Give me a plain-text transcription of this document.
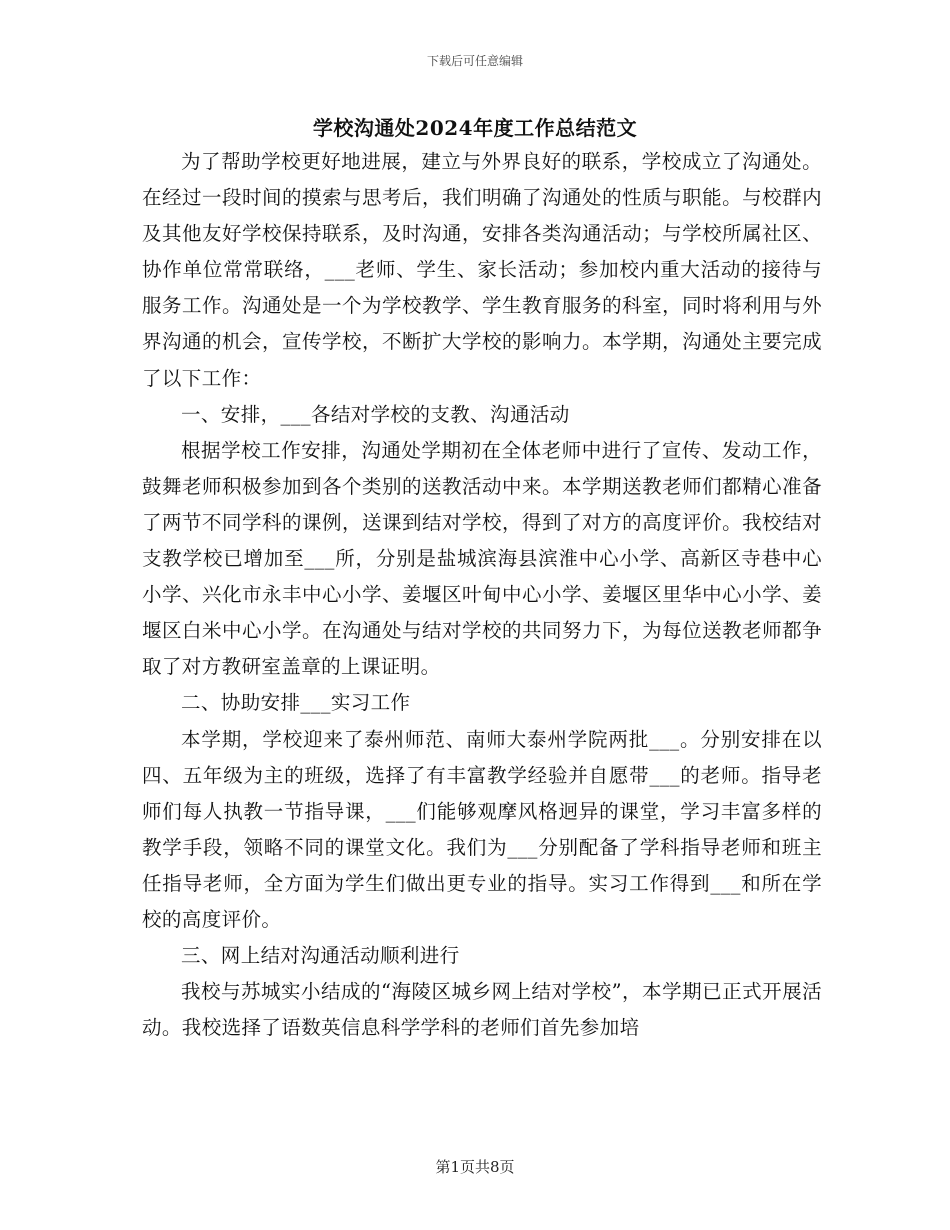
下载后可任意编辑
学校沟通处2024年度工作总结范文

为了帮助学校更好地进展，建立与外界良好的联系，学校成立了沟通处。在经过一段时间的摸索与思考后，我们明确了沟通处的性质与职能。与校群内及其他友好学校保持联系，及时沟通，安排各类沟通活动；与学校所属社区、协作单位常常联络，___老师、学生、家长活动；参加校内重大活动的接待与服务工作。沟通处是一个为学校教学、学生教育服务的科室，同时将利用与外界沟通的机会，宣传学校，不断扩大学校的影响力。本学期，沟通处主要完成了以下工作：

一、安排，___各结对学校的支教、沟通活动

根据学校工作安排，沟通处学期初在全体老师中进行了宣传、发动工作，鼓舞老师积极参加到各个类别的送教活动中来。本学期送教老师们都精心准备了两节不同学科的课例，送课到结对学校，得到了对方的高度评价。我校结对支教学校已增加至___所，分别是盐城滨海县滨淮中心小学、高新区寺巷中心小学、兴化市永丰中心小学、姜堰区叶甸中心小学、姜堰区里华中心小学、姜堰区白米中心小学。在沟通处与结对学校的共同努力下，为每位送教老师都争取了对方教研室盖章的上课证明。

二、协助安排___实习工作

本学期，学校迎来了泰州师范、南师大泰州学院两批___。分别安排在以四、五年级为主的班级，选择了有丰富教学经验并自愿带___的老师。指导老师们每人执教一节指导课，___们能够观摩风格迥异的课堂，学习丰富多样的教学手段，领略不同的课堂文化。我们为___分别配备了学科指导老师和班主任指导老师，全方面为学生们做出更专业的指导。实习工作得到___和所在学校的高度评价。

三、网上结对沟通活动顺利进行

我校与苏城实小结成的“海陵区城乡网上结对学校”，本学期已正式开展活动。我校选择了语数英信息科学学科的老师们首先参加培

第1页共8页
